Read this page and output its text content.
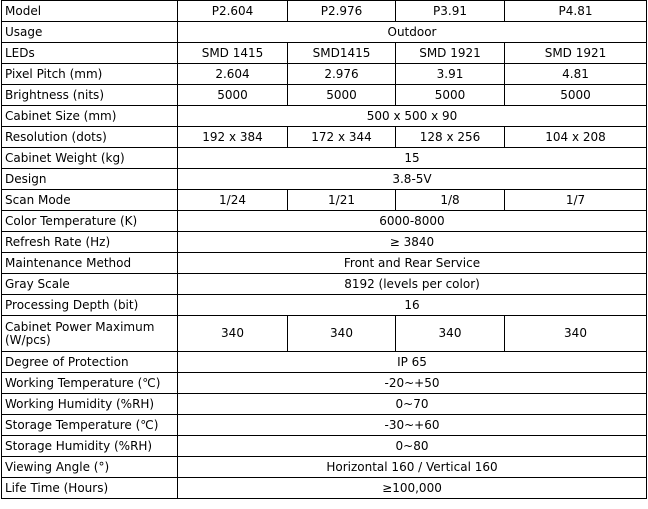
Model	P2.604	P2.976	P3.91	P4.81
Usage	Outdoor			
LEDs	SMD 1415	SMD1415	SMD 1921	SMD 1921
Pixel Pitch (mm)	2.604	2.976	3.91	4.81
Brightness (nits)	5000	5000	5000	5000
Cabinet Size (mm)	500 x 500 x 90			
Resolution (dots)	192 x 384	172 x 344	128 x 256	104 x 208
Cabinet Weight (kg)	15			
Design	3.8-5V			
Scan Mode	1/24	1/21	1/8	1/7
Color Temperature (K)	6000-8000			
Refresh Rate (Hz)	≥ 3840			
Maintenance Method	Front and Rear Service			
Gray Scale	8192 (levels per color)			
Processing Depth (bit)	16			
Cabinet Power Maximum (W/pcs)	340	340	340	340
Degree of Protection	IP 65			
Working Temperature (℃)	-20~+50			
Working Humidity (%RH)	0~70			
Storage Temperature (℃)	-30~+60			
Storage Humidity (%RH)	0~80			
Viewing Angle (°)	Horizontal 160 / Vertical 160			
Life Time (Hours)	≥100,000			
